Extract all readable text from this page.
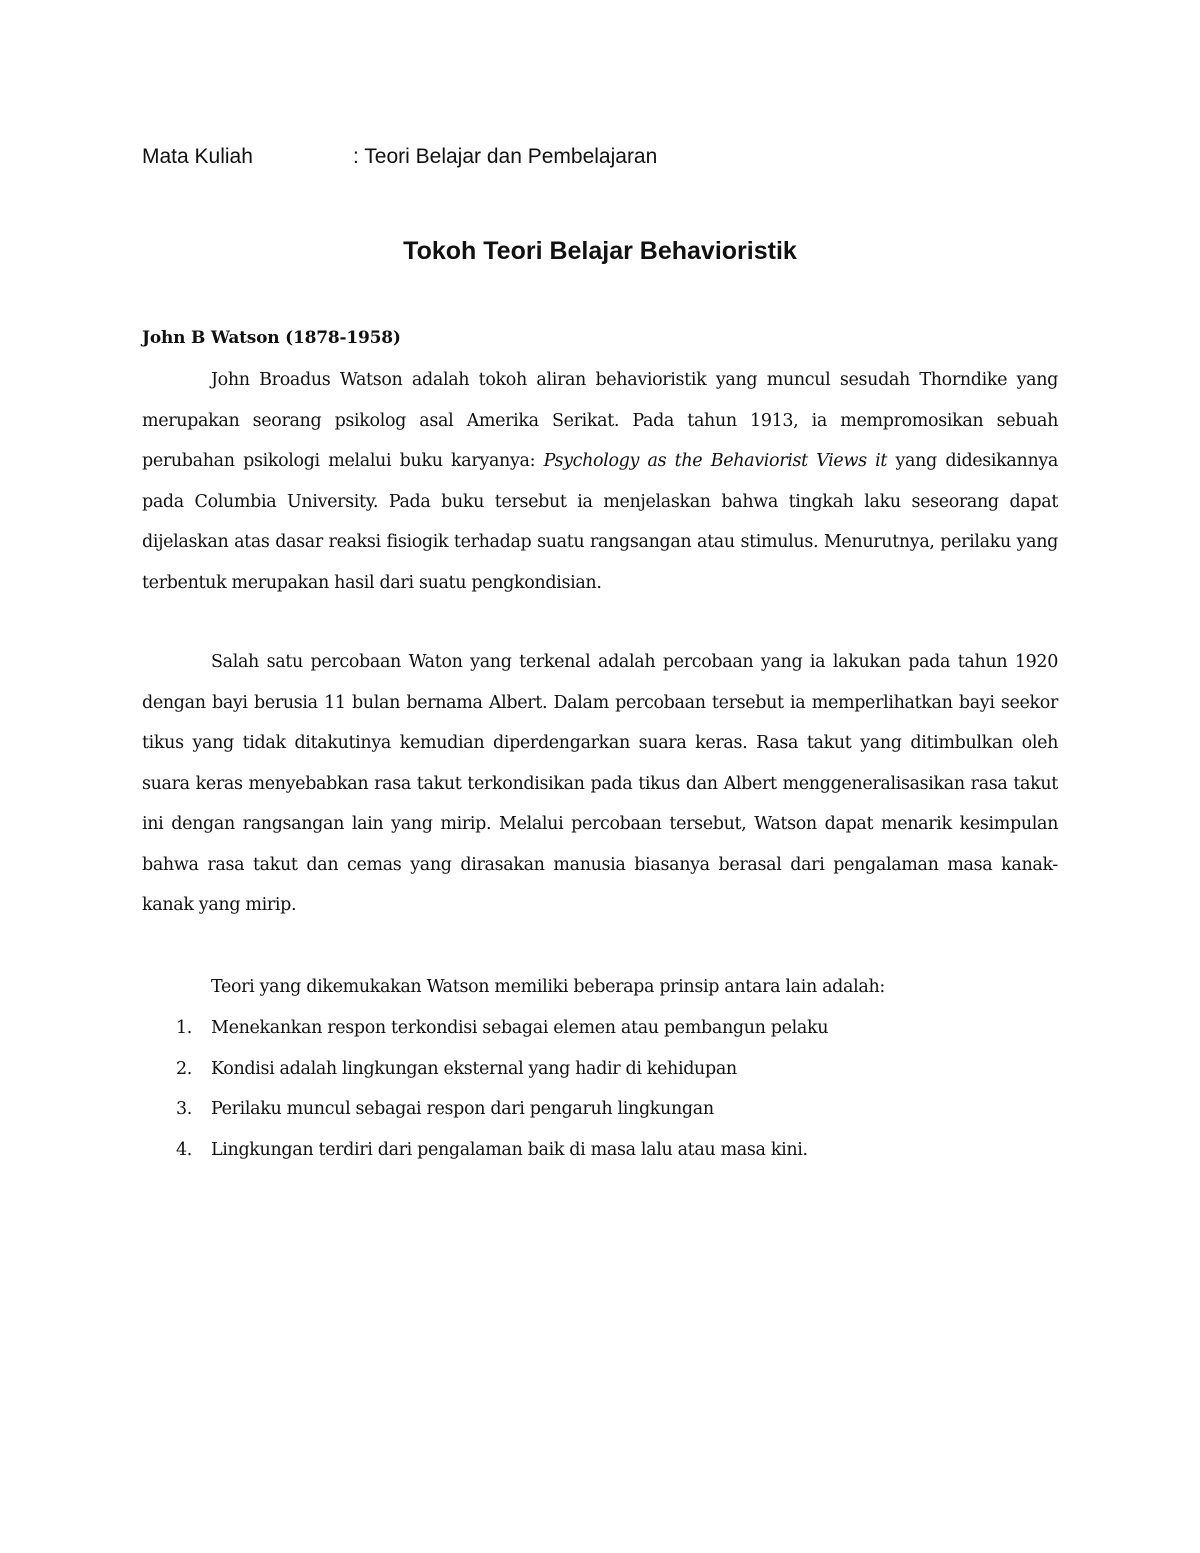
Mata Kuliah	: Teori Belajar dan Pembelajaran
Tokoh Teori Belajar Behavioristik
John B Watson (1878-1958)

John Broadus Watson adalah tokoh aliran behavioristik yang muncul sesudah Thorndike yang merupakan seorang psikolog asal Amerika Serikat. Pada tahun 1913, ia mempromosikan sebuah perubahan psikologi melalui buku karyanya: Psychology as the Behaviorist Views it yang didesikannya pada Columbia University. Pada buku tersebut ia menjelaskan bahwa tingkah laku seseorang dapat dijelaskan atas dasar reaksi fisiogik terhadap suatu rangsangan atau stimulus. Menurutnya, perilaku yang terbentuk merupakan hasil dari suatu pengkondisian.

Salah satu percobaan Waton yang terkenal adalah percobaan yang ia lakukan pada tahun 1920 dengan bayi berusia 11 bulan bernama Albert. Dalam percobaan tersebut ia memperlihatkan bayi seekor tikus yang tidak ditakutinya kemudian diperdengarkan suara keras. Rasa takut yang ditimbulkan oleh suara keras menyebabkan rasa takut terkondisikan pada tikus dan Albert menggeneralisasikan rasa takut ini dengan rangsangan lain yang mirip. Melalui percobaan tersebut, Watson dapat menarik kesimpulan bahwa rasa takut dan cemas yang dirasakan manusia biasanya berasal dari pengalaman masa kanak-kanak yang mirip.

Teori yang dikemukakan Watson memiliki beberapa prinsip antara lain adalah:

1. Menekankan respon terkondisi sebagai elemen atau pembangun pelaku
2. Kondisi adalah lingkungan eksternal yang hadir di kehidupan
3. Perilaku muncul sebagai respon dari pengaruh lingkungan
4. Lingkungan terdiri dari pengalaman baik di masa lalu atau masa kini.
